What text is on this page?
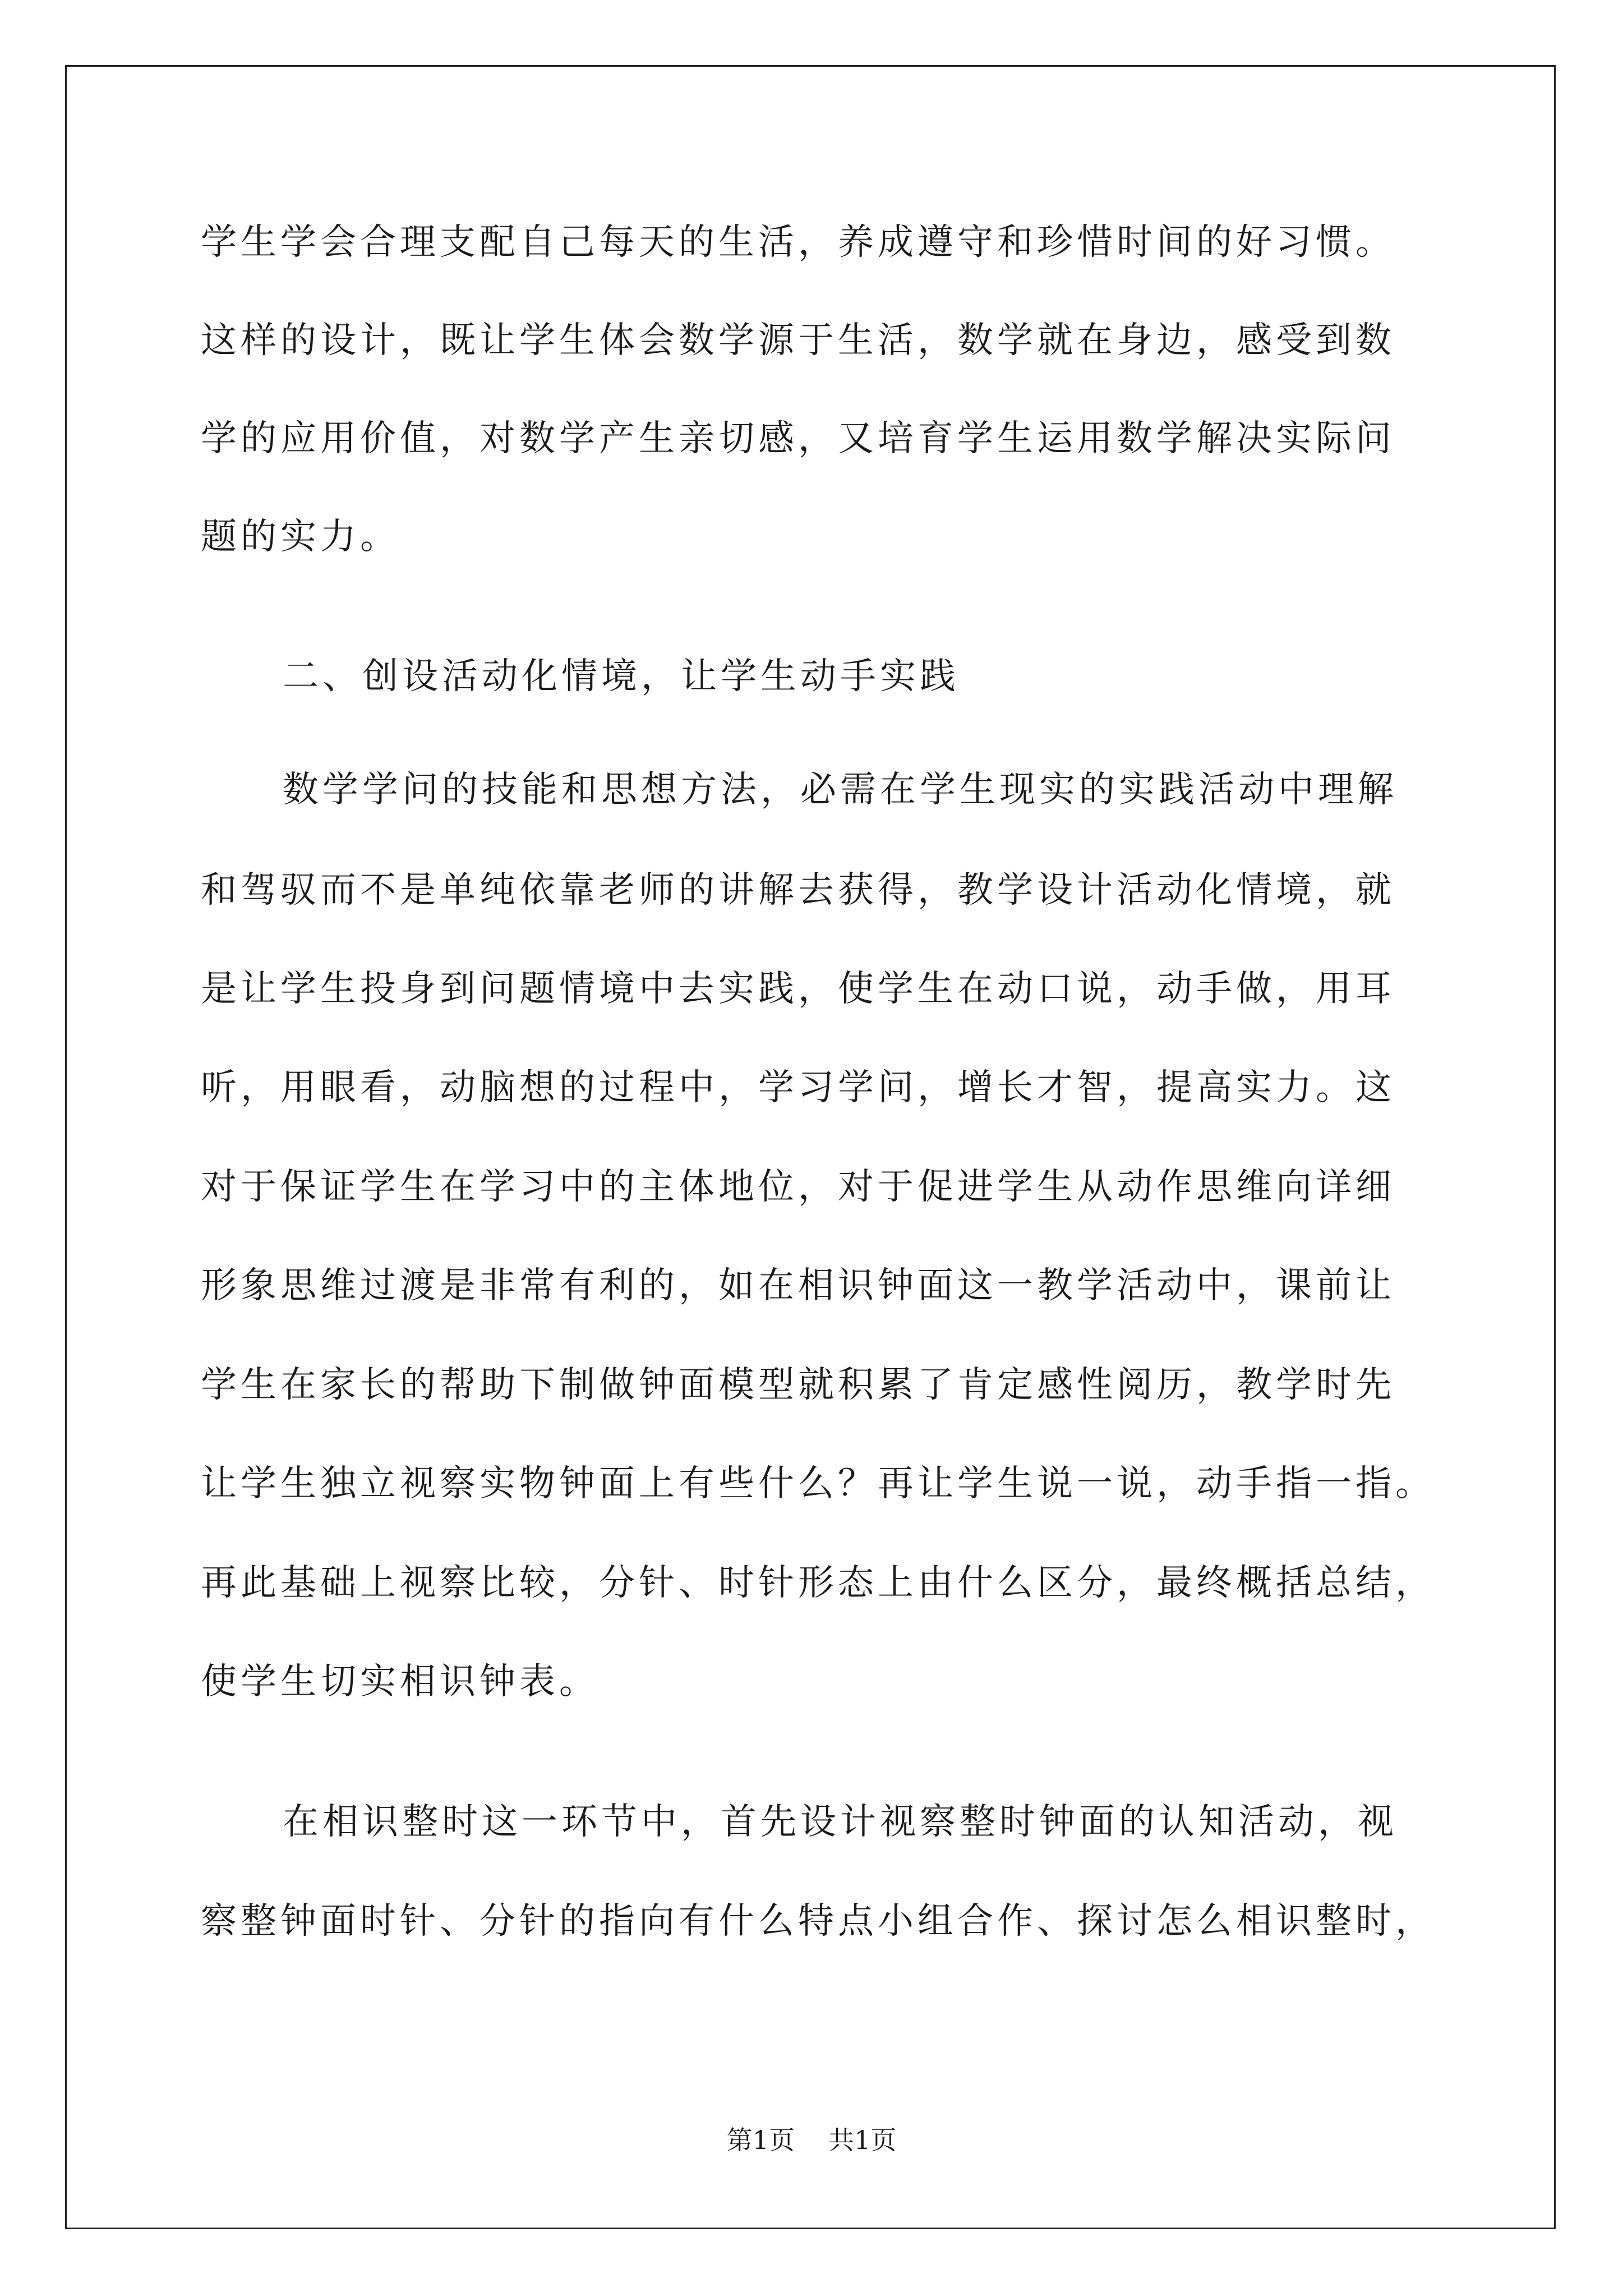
学生学会合理支配自己每天的生活，养成遵守和珍惜时间的好习惯。
这样的设计，既让学生体会数学源于生活，数学就在身边，感受到数
学的应用价值，对数学产生亲切感，又培育学生运用数学解决实际问
题的实力。
二、创设活动化情境，让学生动手实践
数学学问的技能和思想方法，必需在学生现实的实践活动中理解
和驾驭而不是单纯依靠老师的讲解去获得，教学设计活动化情境，就
是让学生投身到问题情境中去实践，使学生在动口说，动手做，用耳
听，用眼看，动脑想的过程中，学习学问，增长才智，提高实力。这
对于保证学生在学习中的主体地位，对于促进学生从动作思维向详细
形象思维过渡是非常有利的，如在相识钟面这一教学活动中，课前让
学生在家长的帮助下制做钟面模型就积累了肯定感性阅历，教学时先
让学生独立视察实物钟面上有些什么？再让学生说一说，动手指一指。
再此基础上视察比较，分针、时针形态上由什么区分，最终概括总结，
使学生切实相识钟表。
在相识整时这一环节中，首先设计视察整时钟面的认知活动，视
察整钟面时针、分针的指向有什么特点小组合作、探讨怎么相识整时，
第1页 共1页
